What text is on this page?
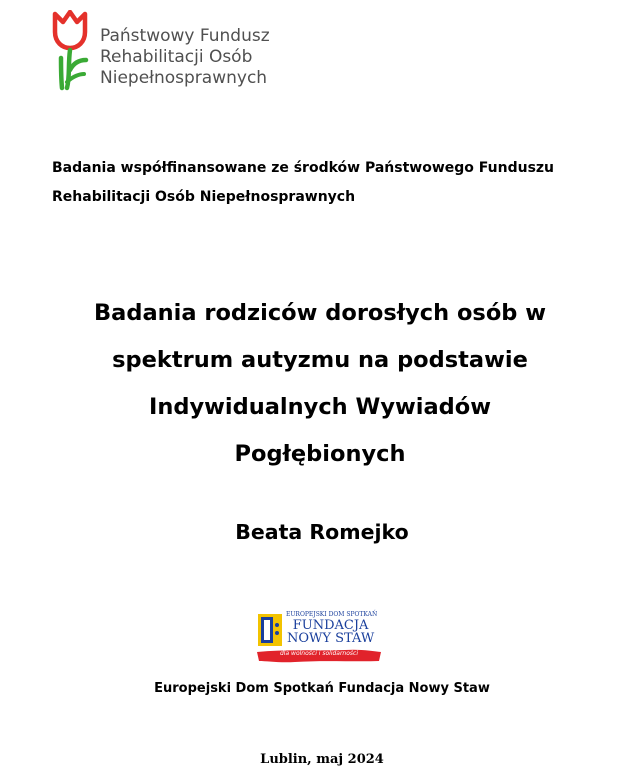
Państwowy Fundusz
Rehabilitacji Osób
Niepełnosprawnych
Badania współfinansowane ze środków Państwowego Funduszu
Rehabilitacji Osób Niepełnosprawnych
Badania rodziców dorosłych osób w
spektrum autyzmu na podstawie
Indywidualnych Wywiadów
Pogłębionych
Beata Romejko
EUROPEJSKI DOM SPOTKAŃ
FUNDACJA
NOWY STAW
dla wolności i solidarności
Europejski Dom Spotkań Fundacja Nowy Staw
Lublin, maj 2024
